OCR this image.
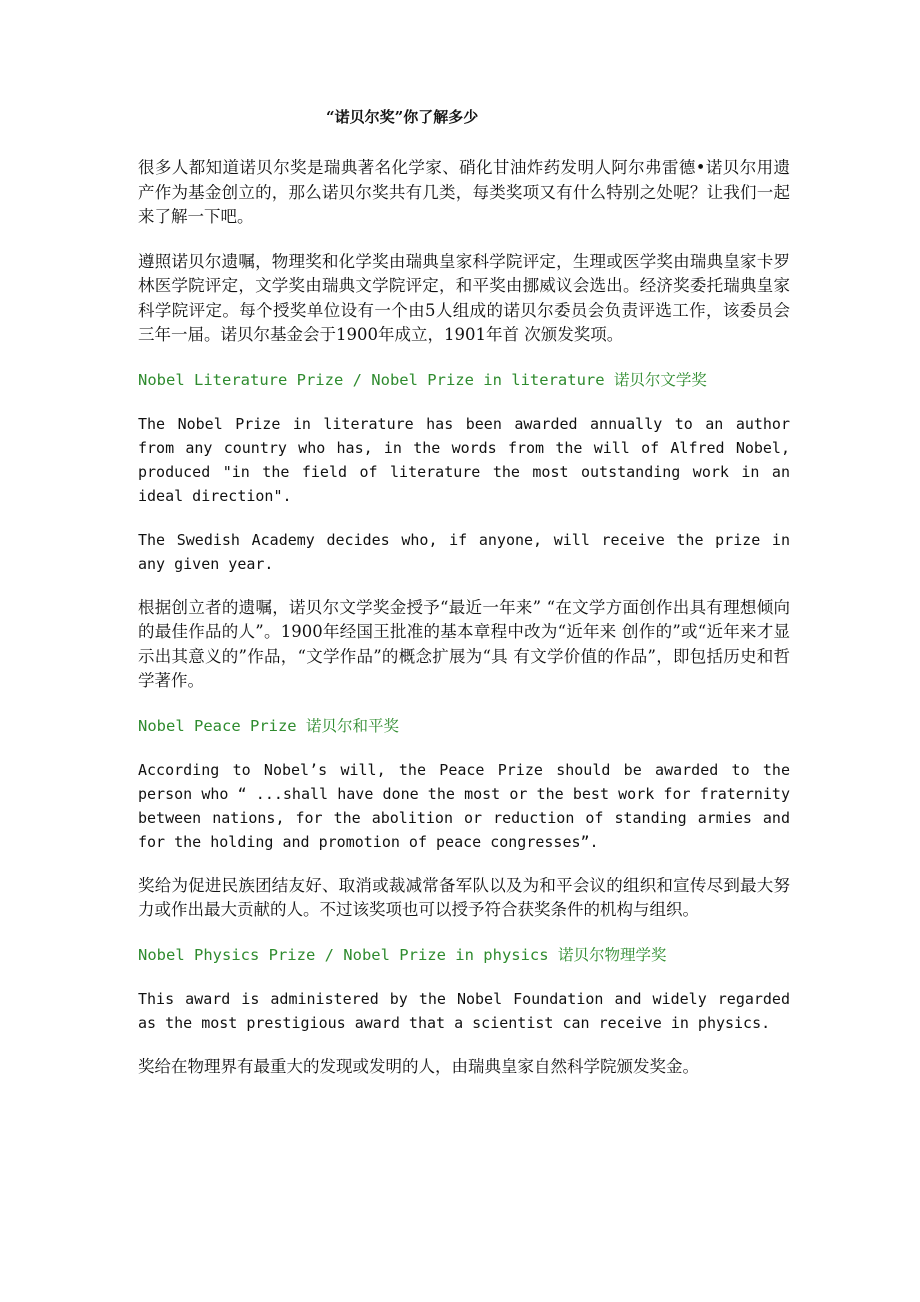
“诺贝尔奖”你了解多少

很多人都知道诺贝尔奖是瑞典著名化学家、硝化甘油炸药发明人阿尔弗雷德•诺贝尔用遗产作为基金创立的，那么诺贝尔奖共有几类，每类奖项又有什么特别之处呢？让我们一起来了解一下吧。

遵照诺贝尔遗嘱，物理奖和化学奖由瑞典皇家科学院评定，生理或医学奖由瑞典皇家卡罗林医学院评定，文学奖由瑞典文学院评定，和平奖由挪威议会选出。经济奖委托瑞典皇家科学院评定。每个授奖单位设有一个由5人组成的诺贝尔委员会负责评选工作，该委员会三年一届。诺贝尔基金会于1900年成立，1901年首 次颁发奖项。

Nobel Literature Prize / Nobel Prize in literature 诺贝尔文学奖

The Nobel Prize in literature has been awarded annually to an author from any country who has, in the words from the will of Alfred Nobel, produced "in the field of literature the most outstanding work in an ideal direction".

The Swedish Academy decides who, if anyone, will receive the prize in any given year.

根据创立者的遗嘱，诺贝尔文学奖金授予“最近一年来” “在文学方面创作出具有理想倾向的最佳作品的人”。1900年经国王批准的基本章程中改为“近年来 创作的”或“近年来才显示出其意义的”作品，“文学作品”的概念扩展为“具 有文学价值的作品”，即包括历史和哲学著作。

Nobel Peace Prize 诺贝尔和平奖

According to Nobel’s will, the Peace Prize should be awarded to the person who “ ...shall have done the most or the best work for fraternity between nations, for the abolition or reduction of standing armies and for the holding and promotion of peace congresses”.

奖给为促进民族团结友好、取消或裁减常备军队以及为和平会议的组织和宣传尽到最大努力或作出最大贡献的人。不过该奖项也可以授予符合获奖条件的机构与组织。

Nobel Physics Prize / Nobel Prize in physics 诺贝尔物理学奖

This award is administered by the Nobel Foundation and widely regarded as the most prestigious award that a scientist can receive in physics.

奖给在物理界有最重大的发现或发明的人，由瑞典皇家自然科学院颁发奖金。
